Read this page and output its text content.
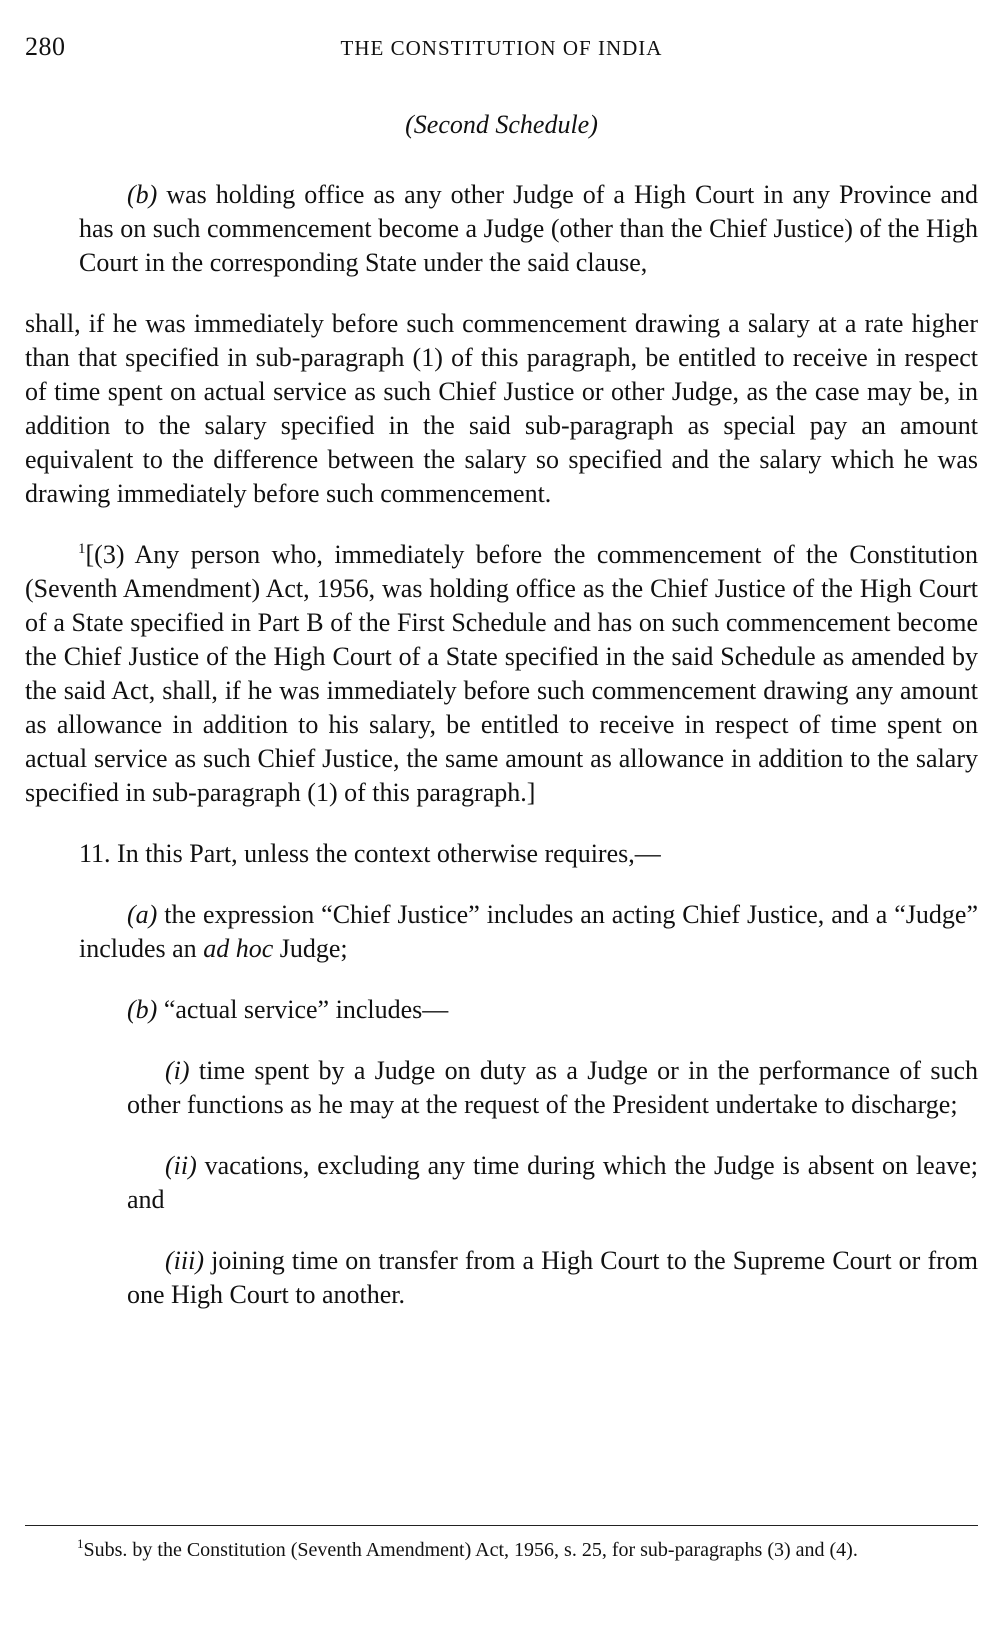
280	THE CONSTITUTION OF INDIA
(Second Schedule)

(b) was holding office as any other Judge of a High Court in any Province and has on such commencement become a Judge (other than the Chief Justice) of the High Court in the corresponding State under the said clause,

shall, if he was immediately before such commencement drawing a salary at a rate higher than that specified in sub-paragraph (1) of this paragraph, be entitled to receive in respect of time spent on actual service as such Chief Justice or other Judge, as the case may be, in addition to the salary specified in the said sub-paragraph as special pay an amount equivalent to the difference between the salary so specified and the salary which he was drawing immediately before such commencement.

$^1$[(3) Any person who, immediately before the commencement of the Constitution (Seventh Amendment) Act, 1956, was holding office as the Chief Justice of the High Court of a State specified in Part B of the First Schedule and has on such commencement become the Chief Justice of the High Court of a State specified in the said Schedule as amended by the said Act, shall, if he was immediately before such commencement drawing any amount as allowance in addition to his salary, be entitled to receive in respect of time spent on actual service as such Chief Justice, the same amount as allowance in addition to the salary specified in sub-paragraph (1) of this paragraph.]

11. In this Part, unless the context otherwise requires,—

(a) the expression “Chief Justice” includes an acting Chief Justice, and a “Judge” includes an ad hoc Judge;

(b) “actual service” includes—

(i) time spent by a Judge on duty as a Judge or in the performance of such other functions as he may at the request of the President undertake to discharge;

(ii) vacations, excluding any time during which the Judge is absent on leave; and

(iii) joining time on transfer from a High Court to the Supreme Court or from one High Court to another.

$^1$Subs. by the Constitution (Seventh Amendment) Act, 1956, s. 25, for sub-paragraphs (3) and (4).
